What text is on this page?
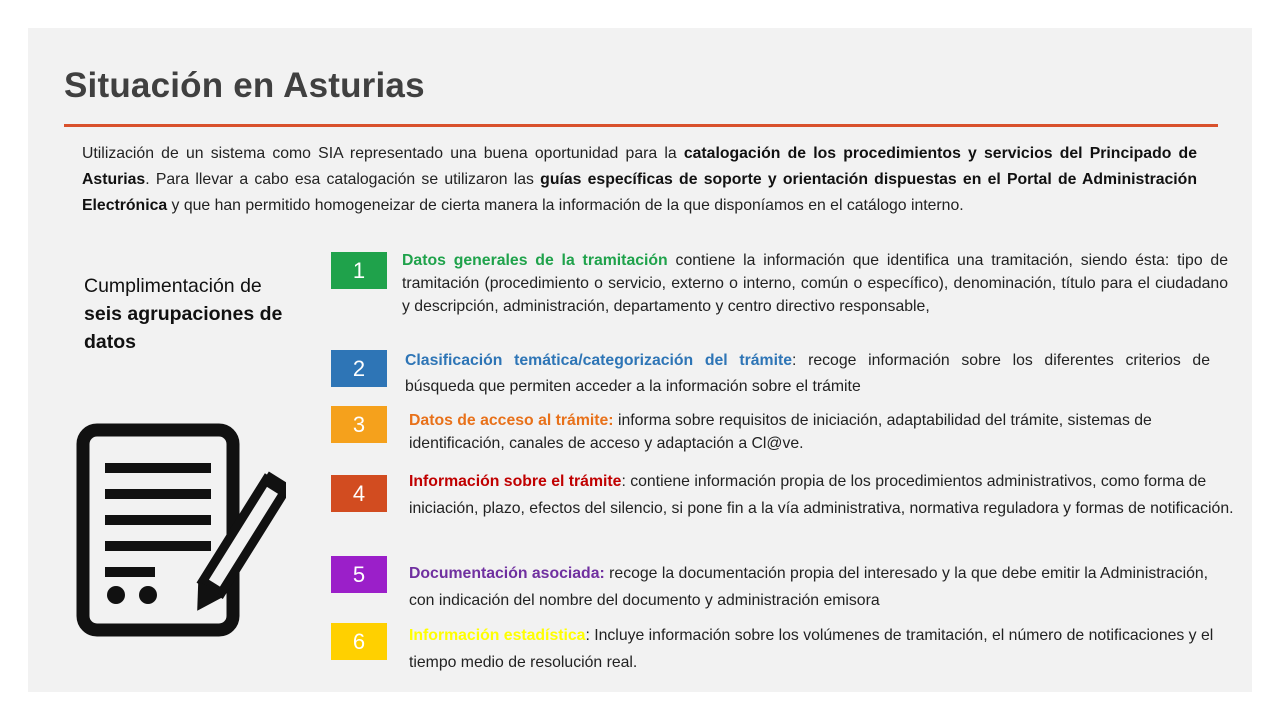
Situación en Asturias

Utilización de un sistema como SIA representado una buena oportunidad para la catalogación de los procedimientos y servicios del Principado de Asturias. Para llevar a cabo esa catalogación se utilizaron las guías específicas de soporte y orientación dispuestas en el Portal de Administración Electrónica y que han permitido homogeneizar de cierta manera la información de la que disponíamos en el catálogo interno.

Cumplimentación de seis agrupaciones de datos
1	Datos generales de la tramitación contiene la información que identifica una tramitación, siendo ésta: tipo de tramitación (procedimiento o servicio, externo o interno, común o específico), denominación, título para el ciudadano y descripción, administración, departamento y centro directivo responsable,
2	Clasificación temática/categorización del trámite: recoge información sobre los diferentes criterios de búsqueda que permiten acceder a la información sobre el trámite
3	Datos de acceso al trámite: informa sobre requisitos de iniciación, adaptabilidad del trámite, sistemas de identificación, canales de acceso y adaptación a Cl@ve.
4	Información sobre el trámite: contiene información propia de los procedimientos administrativos, como forma de iniciación, plazo, efectos del silencio, si pone fin a la vía administrativa, normativa reguladora y formas de notificación.
5	Documentación asociada: recoge la documentación propia del interesado y la que debe emitir la Administración, con indicación del nombre del documento y administración emisora
6	Información estadística: Incluye información sobre los volúmenes de tramitación, el número de notificaciones y el tiempo medio de resolución real.
